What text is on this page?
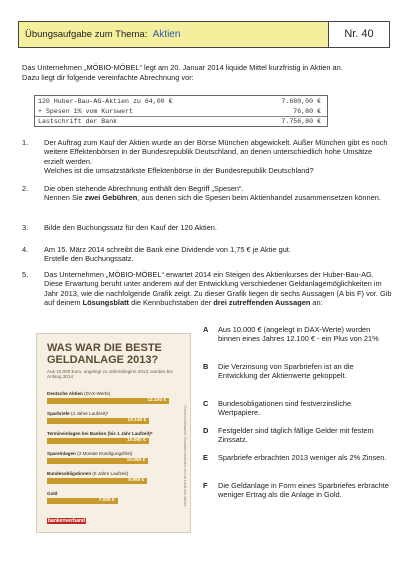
Übungsaufgabe zum Thema: Aktien	Nr. 40
Das Unternehmen „MÖBIO-MÖBEL“ legt am 20. Januar 2014 liquide Mittel kurzfristig in Aktien an.
Dazu liegt dir folgende vereinfachte Abrechnung vor:
120 Huber-Bau-AG-Aktien zu 64,00 €	7.680,00 €
+ Spesen 1% vom Kurswert	76,80 €
Lastschrift der Bank	7.756,80 €
1.	Der Auftrag zum Kauf der Aktien wurde an der Börse München abgewickelt. Außer München gibt es noch weitere Effektenbörsen in der Bundesrepublik Deutschland, an denen unterschiedlich hohe Umsätze erzielt werden.
Welches ist die umsatzstärkste Effektenbörse in der Bundesrepublik Deutschland?
2.	Die oben stehende Abrechnung enthält den Begriff „Spesen“.
Nennen Sie zwei Gebühren, aus denen sich die Spesen beim Aktienhandel zusammensetzen können.
3.	Bilde den Buchungssatz für den Kauf der 120 Aktien.
4.	Am 15. März 2014 schreibt die Bank eine Dividende von 1,75 € je Aktie gut.
Erstelle den Buchungssatz.
5.	Das Unternehmen „MÖBIO-MÖBEL“ erwartet 2014 ein Steigen des Aktienkurses der Huber-Bau-AG. Diese Erwartung beruht unter anderem auf der Entwicklung verschiedener Geldanlagemöglichkeiten im Jahr 2013, wie die nachfolgende Grafik zeigt. Zu dieser Grafik liegen dir sechs Aussagen (A bis F) vor. Gib auf deinem Lösungsblatt die Kennbuchstaben der drei zutreffenden Aussagen an:
WAS WAR DIE BESTE GELDANLAGE 2013?
Aus 10.000 Euro, angelegt zu Jahresbeginn 2013, wurden bis Anfang 2014
Deutsche Aktien (DAX-Werte)
12.100 €
Sparbriefe (4 Jahre Laufzeit)*
10.140 €
Termineinlagen bei Banken (bis 1 Jahr Laufzeit)*
10.090 €
Spareinlagen (3 Monate Kündigungsfrist)
10.050 €
Bundesobligationen (5 Jahre Laufzeit)
9.950 €
Gold
7.000 €	* Durchschnittswerte; Zinssätze verändern sich im Laufe des Jahres
bankenverband
A	Aus 10.000 € (angelegt in DAX-Werte) wurden binnen eines Jahres 12.100 € - ein Plus von 21%
B	Die Verzinsung von Sparbriefen ist an die Entwicklung der Aktienwerte gekoppelt.
C	Bundesobligationen sind festverzinsliche Wertpapiere.
D	Festgelder sind täglich fällige Gelder mit festem Zinssatz.
E	Sparbriefe erbrachten 2013 weniger als 2% Zinsen.
F	Die Geldanlage in Form eines Sparbriefes erbrachte weniger Ertrag als die Anlage in Gold.
